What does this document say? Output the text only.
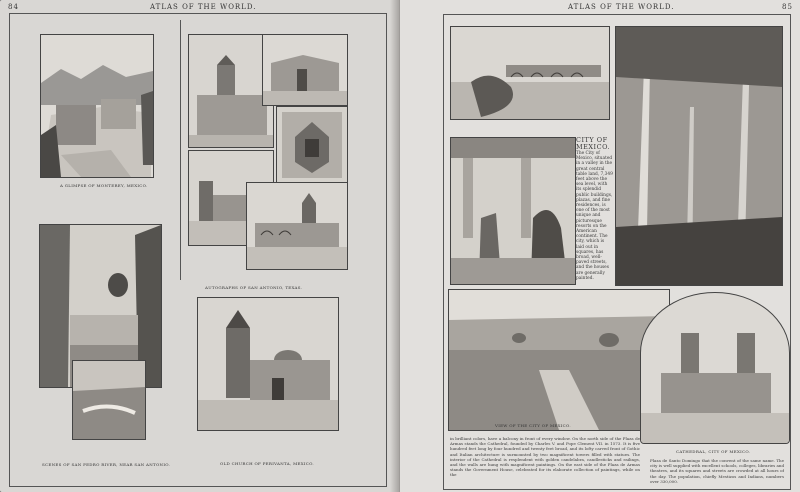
84	ATLAS OF THE WORLD.
A GLIMPSE OF MONTEREY, MEXICO.
AUTOGRAPHS OF SAN ANTONIO, TEXAS.
SCENES OF SAN PEDRO RIVER, NEAR SAN ANTONIO.	OLD CHURCH OF PERIVANTA, MEXICO.
ATLAS OF THE WORLD.	85
CITY OF MEXICO.
The City of Mexico, situated in a valley in the great central table land, 7,349 feet above the sea level, with its splendid public buildings, plazas, and fine residences, is one of the most unique and picturesque resorts on the American continent. The city, which is laid out in squares, has broad, well-paved streets, and the houses are generally painted.
VIEW OF THE CITY OF MEXICO.
CATHEDRAL, CITY OF MEXICO.
in brilliant colors, have a balcony in front of every window. On the north side of the Plaza de Armas stands the Cathedral, founded by Charles V. and Pope Clement VII. in 1573. It is five hundred feet long by four hundred and twenty feet broad, and its lofty carved front of Gothic and Italian architecture is surmounted by two magnificent towers filled with statues. The interior of the Cathedral is resplendent with golden candelabra, candlesticks and railings, and the walls are hung with magnificent paintings. On the east side of the Plaza de Armas stands the Government House, celebrated for its elaborate collection of paintings, while on the
Plaza de Santo Domingo that the convent of the same name. The city is well supplied with excellent schools, colleges, libraries and theatres, and its squares and streets are crowded at all hours of the day. The population, chiefly Mestizos and Indians, numbers over 330,000.
